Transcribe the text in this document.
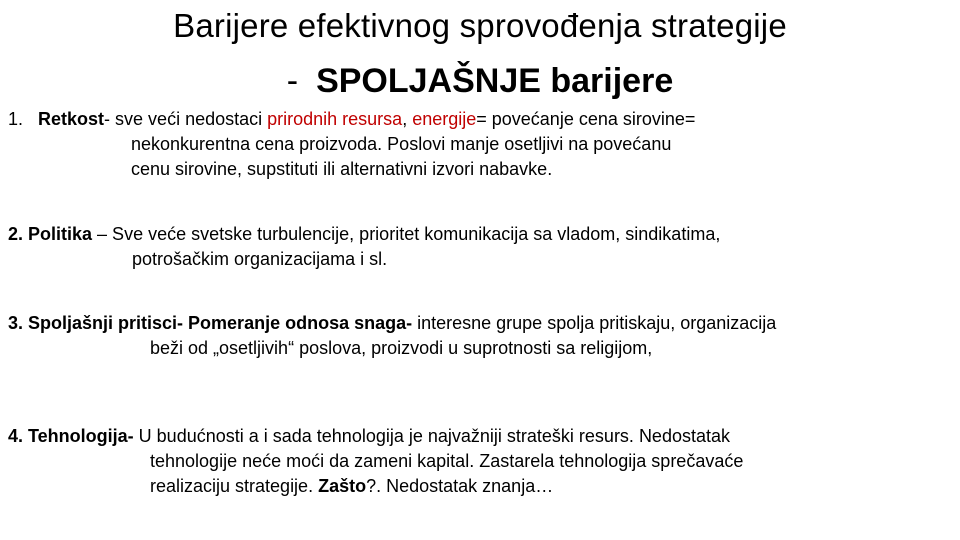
Barijere efektivnog sprovođenja strategije
- SPOLJAŠNJE barijere
1. Retkost- sve veći nedostaci prirodnih resursa, energije= povećanje cena sirovine=
nekonkurentna cena proizvoda. Poslovi manje osetljivi na povećanu
cenu sirovine, supstituti ili alternativni izvori nabavke.
2. Politika – Sve veće svetske turbulencije, prioritet komunikacija sa vladom, sindikatima,
potrošačkim organizacijama i sl.
3. Spoljašnji pritisci- Pomeranje odnosa snaga- interesne grupe spolja pritiskaju, organizacija
beži od „osetljivih“ poslova, proizvodi u suprotnosti sa religijom,
4. Tehnologija- U budućnosti a i sada tehnologija je najvažniji strateški resurs. Nedostatak
tehnologije neće moći da zameni kapital. Zastarela tehnologija sprečavaće
realizaciju strategije. Zašto?. Nedostatak znanja…
